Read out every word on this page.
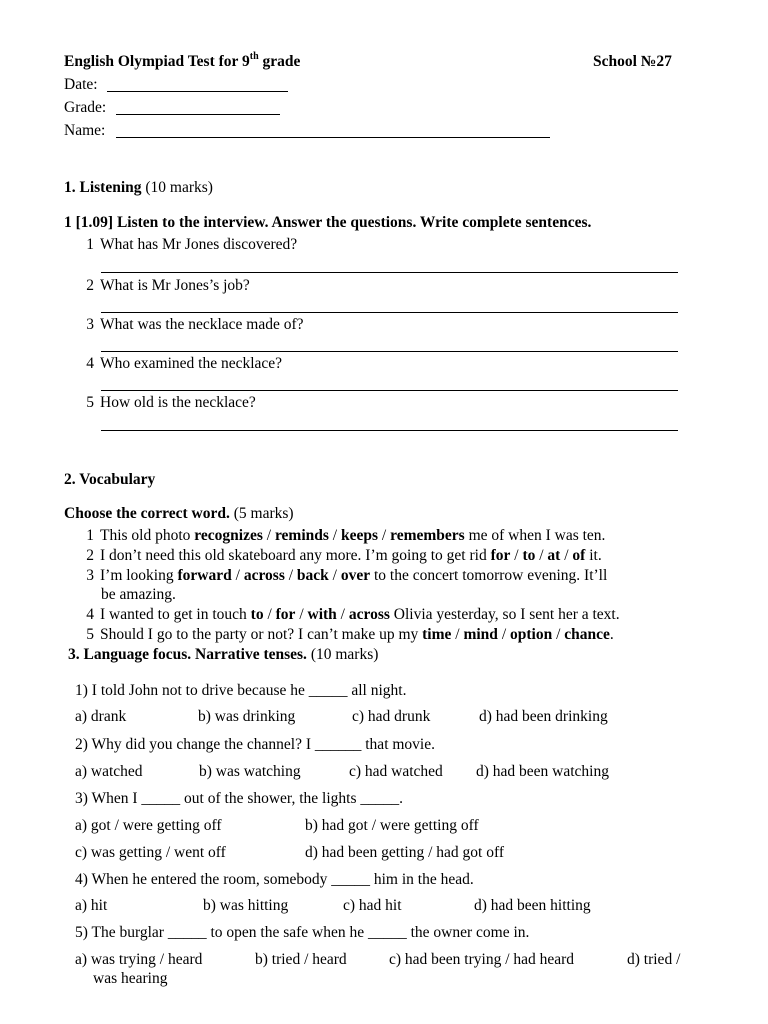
English Olympiad Test for 9th grade	School №27
Date:
Grade:
Name:
1. Listening (10 marks)
1 [1.09] Listen to the interview. Answer the questions. Write complete sentences.
1 What has Mr Jones discovered?
2 What is Mr Jones’s job?
3 What was the necklace made of?
4 Who examined the necklace?
5 How old is the necklace?
2. Vocabulary
Choose the correct word. (5 marks)
1 This old photo recognizes / reminds / keeps / remembers me of when I was ten.
2 I don’t need this old skateboard any more. I’m going to get rid for / to / at / of it.
3 I’m looking forward / across / back / over to the concert tomorrow evening. It’ll
be amazing.
4 I wanted to get in touch to / for / with / across Olivia yesterday, so I sent her a text.
5 Should I go to the party or not? I can’t make up my time / mind / option / chance.
3. Language focus. Narrative tenses. (10 marks)
1) I told John not to drive because he _____ all night.
a) drank	b) was drinking	c) had drunk	d) had been drinking
2) Why did you change the channel? I ______ that movie.
a) watched	b) was watching	c) had watched d) had been watching
3) When I _____ out of the shower, the lights _____.
a) got / were getting off	b) had got / were getting off
c) was getting / went off	d) had been getting / had got off
4) When he entered the room, somebody _____ him in the head.
a) hit	b) was hitting	c) had hit	d) had been hitting
5) The burglar _____ to open the safe when he _____ the owner come in.
a) was trying / heard	b) tried / heard	c) had been trying / had heard	d) tried /
was hearing
